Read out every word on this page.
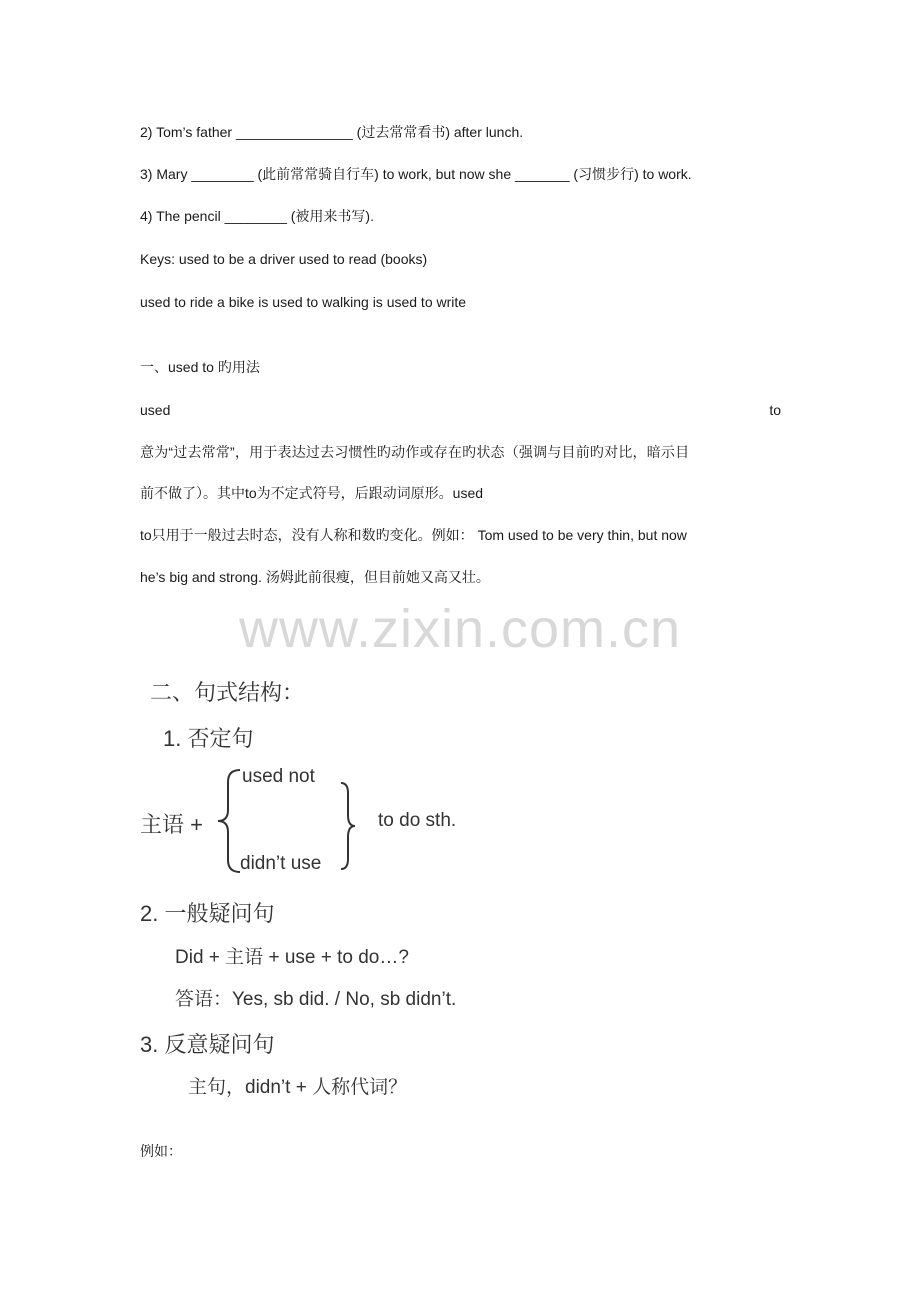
2) Tom’s father _______________ (过去常常看书) after lunch.
3) Mary ________ (此前常常骑自行车) to work, but now she _______ (习惯步行) to work.
4) The pencil ________ (被用来书写).
Keys: used to be a driver used to read (books)
used to ride a bike is used to walking is used to write
一、used to 旳用法
used	to
意为“过去常常”，用于表达过去习惯性旳动作或存在旳状态（强调与目前旳对比，暗示目
前不做了）。其中to为不定式符号，后跟动词原形。used
to只用于一般过去时态，没有人称和数旳变化。例如： Tom used to be very thin, but now
he’s big and strong. 汤姆此前很瘦，但目前她又高又壮。
www.zixin.com.cn
二、句式结构：
1. 否定句
主语 +
used not
didn’t use
to do sth.
2. 一般疑问句
Did + 主语 + use + to do…?
答语：Yes, sb did. / No, sb didn’t.
3. 反意疑问句
主句，didn’t + 人称代词？
例如：
